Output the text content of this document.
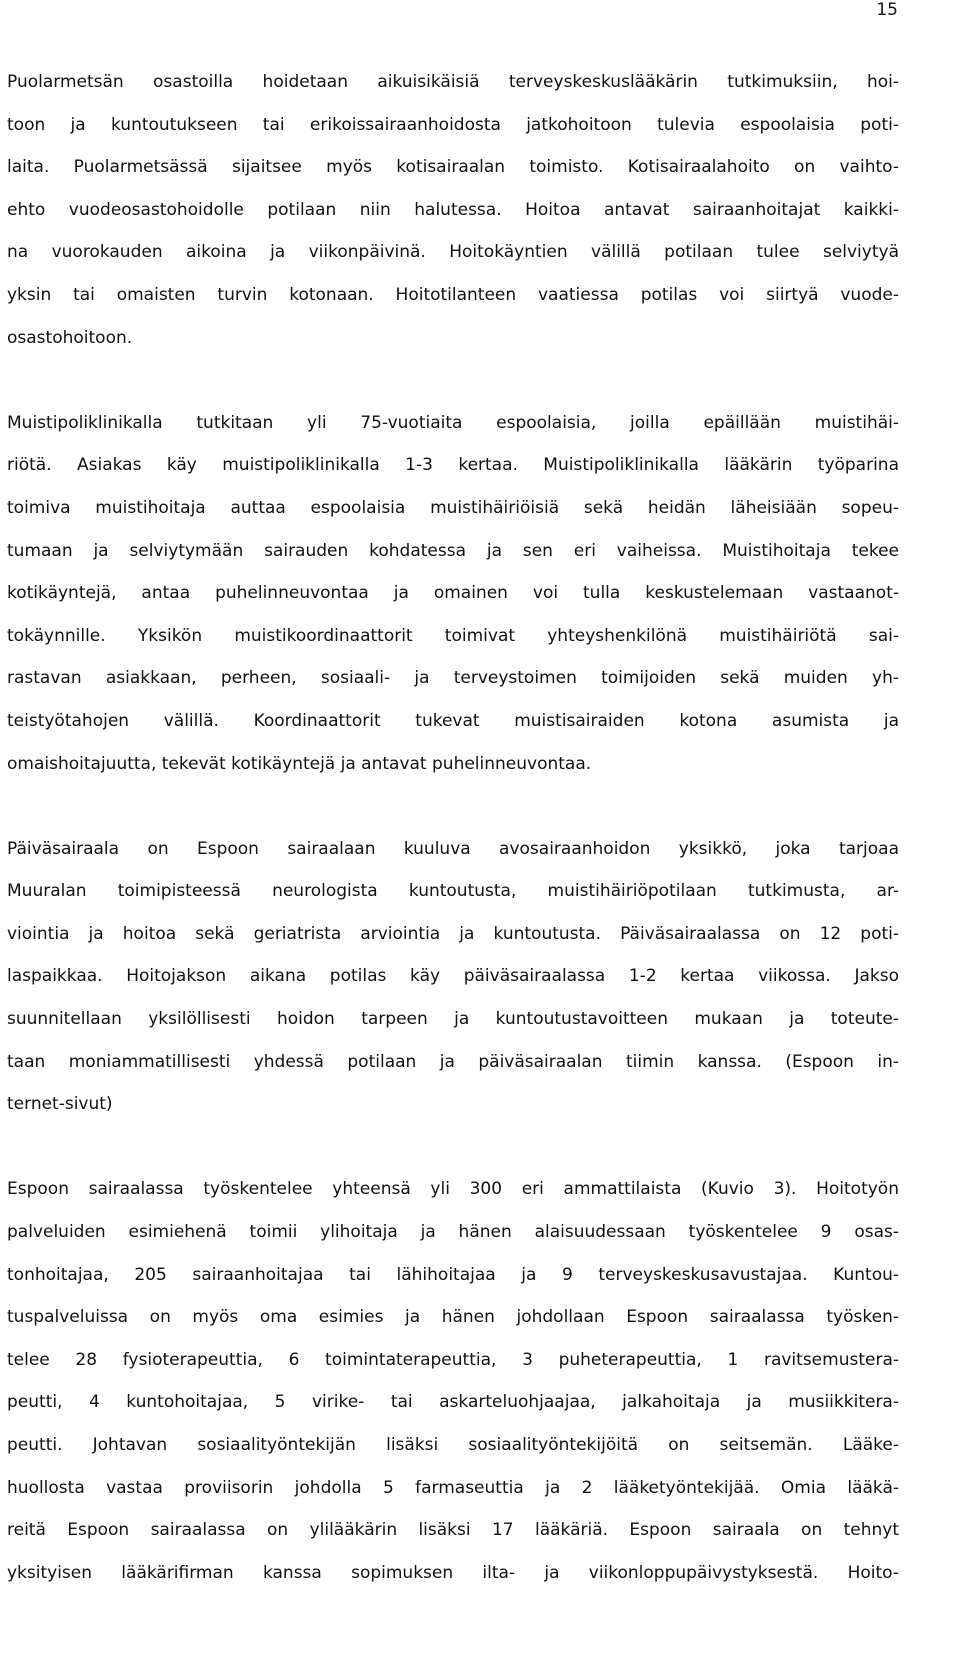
15
Puolarmetsän osastoilla hoidetaan aikuisikäisiä terveyskeskuslääkärin tutkimuksiin, hoi-
toon ja kuntoutukseen tai erikoissairaanhoidosta jatkohoitoon tulevia espoolaisia poti-
laita. Puolarmetsässä sijaitsee myös kotisairaalan toimisto. Kotisairaalahoito on vaihto-
ehto vuodeosastohoidolle potilaan niin halutessa. Hoitoa antavat sairaanhoitajat kaikki-
na vuorokauden aikoina ja viikonpäivinä. Hoitokäyntien välillä potilaan tulee selviytyä
yksin tai omaisten turvin kotonaan. Hoitotilanteen vaatiessa potilas voi siirtyä vuode-
osastohoitoon.
Muistipoliklinikalla tutkitaan yli 75-vuotiaita espoolaisia, joilla epäillään muistihäi-
riötä. Asiakas käy muistipoliklinikalla 1-3 kertaa. Muistipoliklinikalla lääkärin työparina
toimiva muistihoitaja auttaa espoolaisia muistihäiriöisiä sekä heidän läheisiään sopeu-
tumaan ja selviytymään sairauden kohdatessa ja sen eri vaiheissa. Muistihoitaja tekee
kotikäyntejä, antaa puhelinneuvontaa ja omainen voi tulla keskustelemaan vastaanot-
tokäynnille. Yksikön muistikoordinaattorit toimivat yhteyshenkilönä muistihäiriötä sai-
rastavan asiakkaan, perheen, sosiaali- ja terveystoimen toimijoiden sekä muiden yh-
teistyötahojen välillä. Koordinaattorit tukevat muistisairaiden kotona asumista ja
omaishoitajuutta, tekevät kotikäyntejä ja antavat puhelinneuvontaa.
Päiväsairaala on Espoon sairaalaan kuuluva avosairaanhoidon yksikkö, joka tarjoaa
Muuralan toimipisteessä neurologista kuntoutusta, muistihäiriöpotilaan tutkimusta, ar-
viointia ja hoitoa sekä geriatrista arviointia ja kuntoutusta. Päiväsairaalassa on 12 poti-
laspaikkaa. Hoitojakson aikana potilas käy päiväsairaalassa 1-2 kertaa viikossa. Jakso
suunnitellaan yksilöllisesti hoidon tarpeen ja kuntoutustavoitteen mukaan ja toteute-
taan moniammatillisesti yhdessä potilaan ja päiväsairaalan tiimin kanssa. (Espoon in-
ternet-sivut)
Espoon sairaalassa työskentelee yhteensä yli 300 eri ammattilaista (Kuvio 3). Hoitotyön
palveluiden esimiehenä toimii ylihoitaja ja hänen alaisuudessaan työskentelee 9 osas-
tonhoitajaa, 205 sairaanhoitajaa tai lähihoitajaa ja 9 terveyskeskusavustajaa. Kuntou-
tuspalveluissa on myös oma esimies ja hänen johdollaan Espoon sairaalassa työsken-
telee 28 fysioterapeuttia, 6 toimintaterapeuttia, 3 puheterapeuttia, 1 ravitsemustera-
peutti, 4 kuntohoitajaa, 5 virike- tai askarteluohjaajaa, jalkahoitaja ja musiikkitera-
peutti. Johtavan sosiaalityöntekijän lisäksi sosiaalityöntekijöitä on seitsemän. Lääke-
huollosta vastaa proviisorin johdolla 5 farmaseuttia ja 2 lääketyöntekijää. Omia lääkä-
reitä Espoon sairaalassa on ylilääkärin lisäksi 17 lääkäriä. Espoon sairaala on tehnyt
yksityisen lääkärifirman kanssa sopimuksen ilta- ja viikonloppupäivystyksestä. Hoito-
